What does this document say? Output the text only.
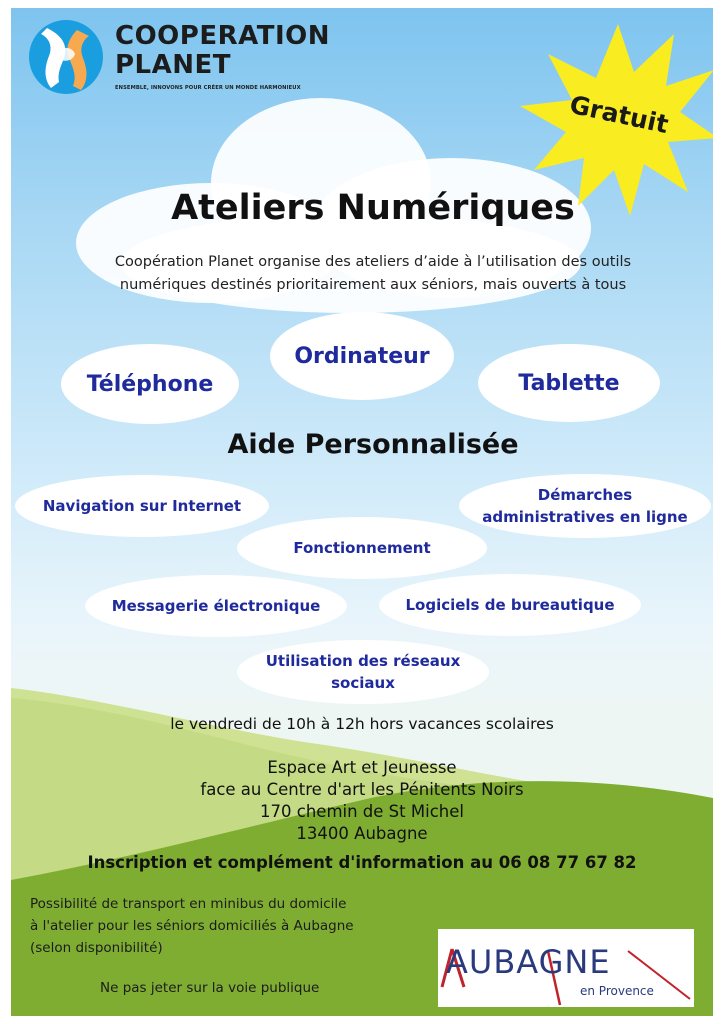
COOPERATION
PLANET
ENSEMBLE, INNOVONS POUR CRÉER UN MONDE HARMONIEUX
Gratuit
Ateliers Numériques
Coopération Planet organise des ateliers d’aide à l’utilisation des outils
numériques destinés prioritairement aux séniors, mais ouverts à tous
Téléphone
Ordinateur
Tablette
Aide Personnalisée
Navigation sur Internet
Démarches
administratives en ligne
Fonctionnement
Messagerie électronique	Logiciels de bureautique
Utilisation des réseaux
sociaux
le vendredi de 10h à 12h hors vacances scolaires
Espace Art et Jeunesse
face au Centre d'art les Pénitents Noirs
170 chemin de St Michel
13400 Aubagne
Inscription et complément d'information au 06 08 77 67 82
Possibilité de transport en minibus du domicile
à l'atelier pour les séniors domiciliés à Aubagne
(selon disponibilité)
Ne pas jeter sur la voie publique
AUBAGNE
en Provence
